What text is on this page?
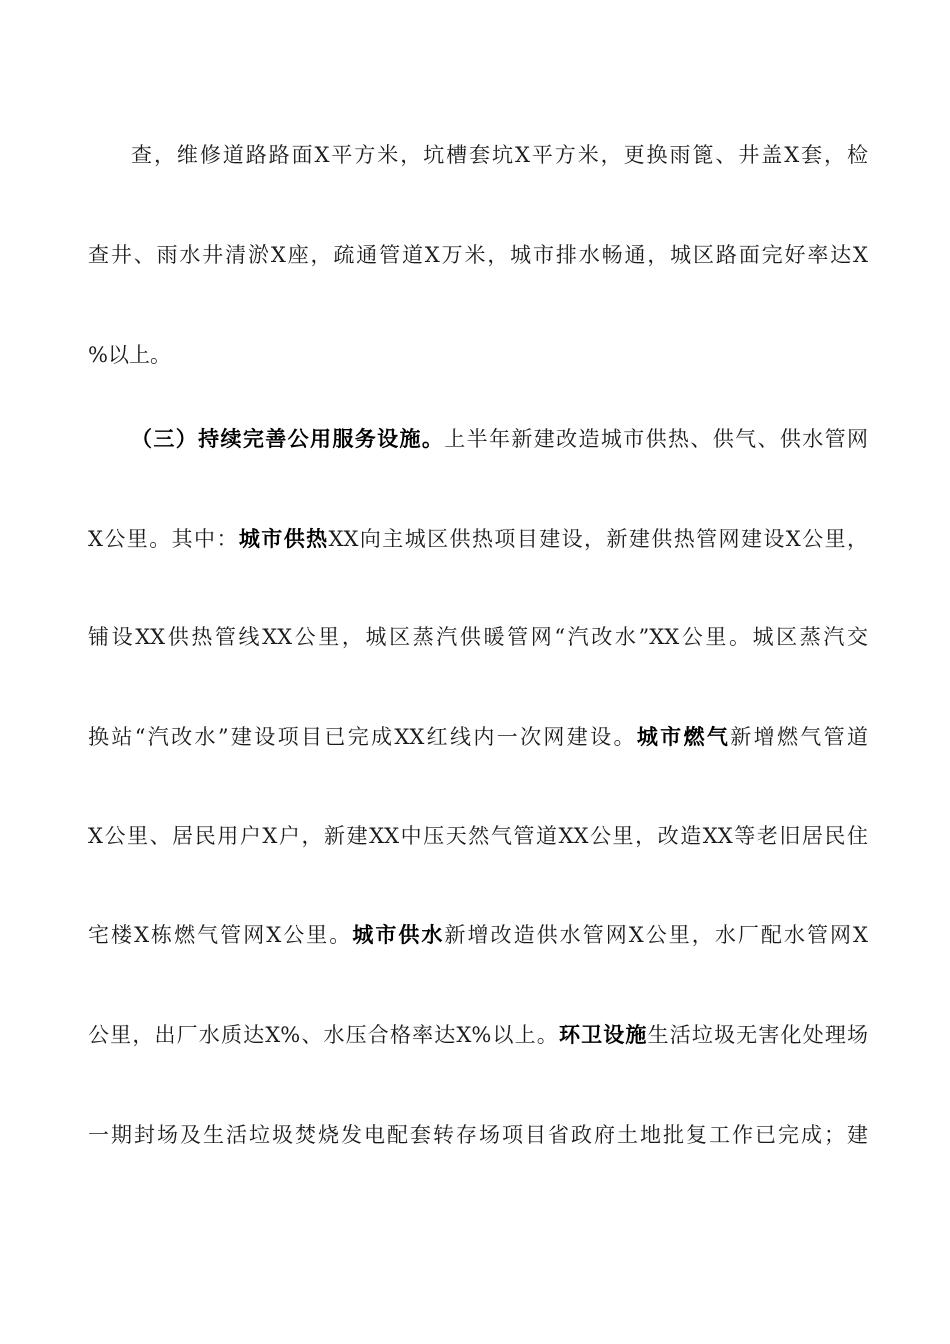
查，维修道路路面X平方米，坑槽套坑X平方米，更换雨篦、井盖X套，检
查井、雨水井清淤X座，疏通管道X万米，城市排水畅通，城区路面完好率达X
%以上。
（三）持续完善公用服务设施。上半年新建改造城市供热、供气、供水管网
X公里。其中：城市供热XX向主城区供热项目建设，新建供热管网建设X公里，
铺设XX供热管线XX公里，城区蒸汽供暖管网“汽改水”XX公里。城区蒸汽交
换站“汽改水”建设项目已完成XX红线内一次网建设。城市燃气新增燃气管道
X公里、居民用户X户，新建XX中压天然气管道XX公里，改造XX等老旧居民住
宅楼X栋燃气管网X公里。城市供水新增改造供水管网X公里，水厂配水管网X
公里，出厂水质达X%、水压合格率达X%以上。环卫设施生活垃圾无害化处理场
一期封场及生活垃圾焚烧发电配套转存场项目省政府土地批复工作已完成；建
